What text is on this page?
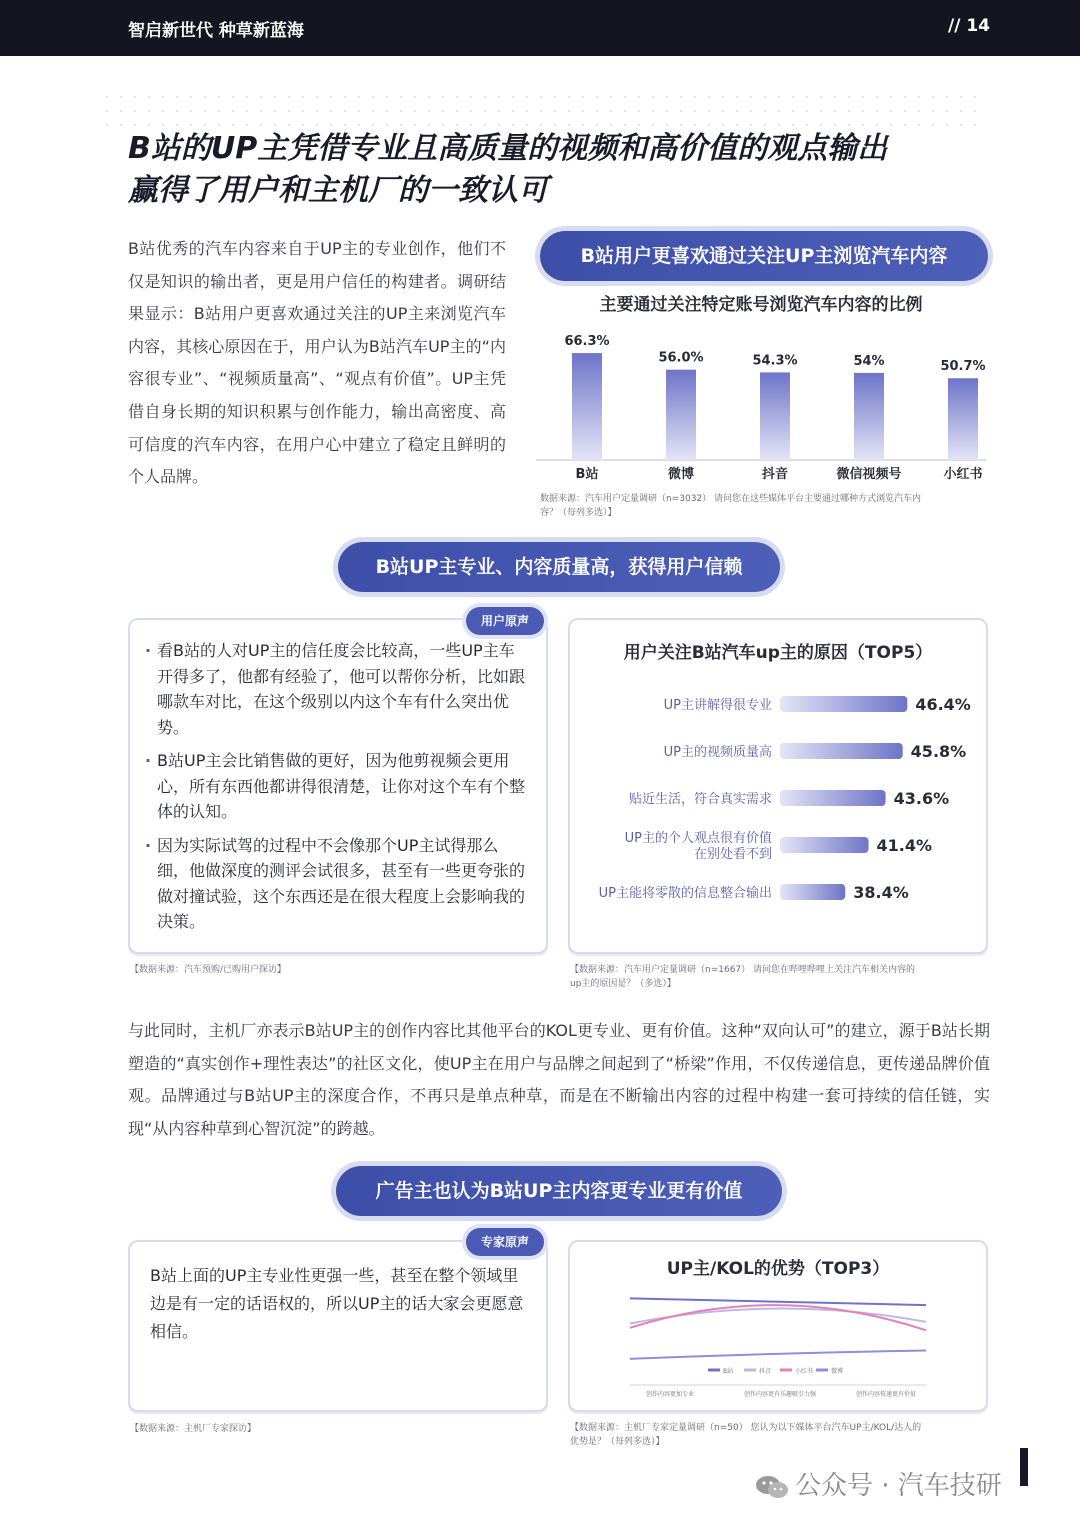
智启新世代 种草新蓝海	// 14
B站的UP主凭借专业且高质量的视频和高价值的观点输出
赢得了用户和主机厂的一致认可
B站优秀的汽车内容来自于UP主的专业创作，他们不仅是知识的输出者，更是用户信任的构建者。调研结果显示：B站用户更喜欢通过关注的UP主来浏览汽车内容，其核心原因在于，用户认为B站汽车UP主的“内容很专业”、“视频质量高”、“观点有价值”。UP主凭借自身长期的知识积累与创作能力，输出高密度、高可信度的汽车内容，在用户心中建立了稳定且鲜明的个人品牌。
B站用户更喜欢通过关注UP主浏览汽车内容
主要通过关注特定账号浏览汽车内容的比例
66.3%
B站
56.0%
微博
54.3%
抖音
54%
微信视频号
50.7%
小红书
数据来源：汽车用户定量调研（n=3032） 请问您在这些媒体平台主要通过哪种方式浏览汽车内
容？（每列多选）】
B站UP主专业、内容质量高，获得用户信赖
用户原声
· 看B站的人对UP主的信任度会比较高，一些UP主车开得多了，他都有经验了，他可以帮你分析，比如跟哪款车对比，在这个级别以内这个车有什么突出优势。
· B站UP主会比销售做的更好，因为他剪视频会更用心，所有东西他都讲得很清楚，让你对这个车有个整体的认知。
· 因为实际试驾的过程中不会像那个UP主试得那么细，他做深度的测评会试很多，甚至有一些更夸张的做对撞试验，这个东西还是在很大程度上会影响我的决策。
【数据来源：汽车预购/已购用户探访】
用户关注B站汽车up主的原因（TOP5）
UP主讲解得很专业	46.4%
UP主的视频质量高	45.8%
贴近生活，符合真实需求	43.6%
UP主的个人观点很有价值
在别处看不到	41.4%
UP主能将零散的信息整合输出	38.4%
【数据来源：汽车用户定量调研（n=1667） 请问您在哔哩哔哩上关注汽车相关内容的
up主的原因是？（多选）】
与此同时，主机厂亦表示B站UP主的创作内容比其他平台的KOL更专业、更有价值。这种“双向认可”的建立，源于B站长期塑造的“真实创作+理性表达”的社区文化，使UP主在用户与品牌之间起到了“桥梁”作用，不仅传递信息，更传递品牌价值观。品牌通过与B站UP主的深度合作，不再只是单点种草，而是在不断输出内容的过程中构建一套可持续的信任链，实现“从内容种草到心智沉淀”的跨越。
广告主也认为B站UP主内容更专业更有价值
专家原声
B站上面的UP主专业性更强一些，甚至在整个领域里边是有一定的话语权的，所以UP主的话大家会更愿意相信。
【数据来源：主机厂专家探访】
UP主/KOL的优势（TOP3）
B站	抖音	小红书	微博
创作内容更加专业	创作内容更有乐趣吸引力强	创作内容传递更有价值
【数据来源：主机厂专家定量调研（n=50） 您认为以下媒体平台汽车UP主/KOL/达人的
优势是？（每列多选）】
公众号 · 汽车技研
